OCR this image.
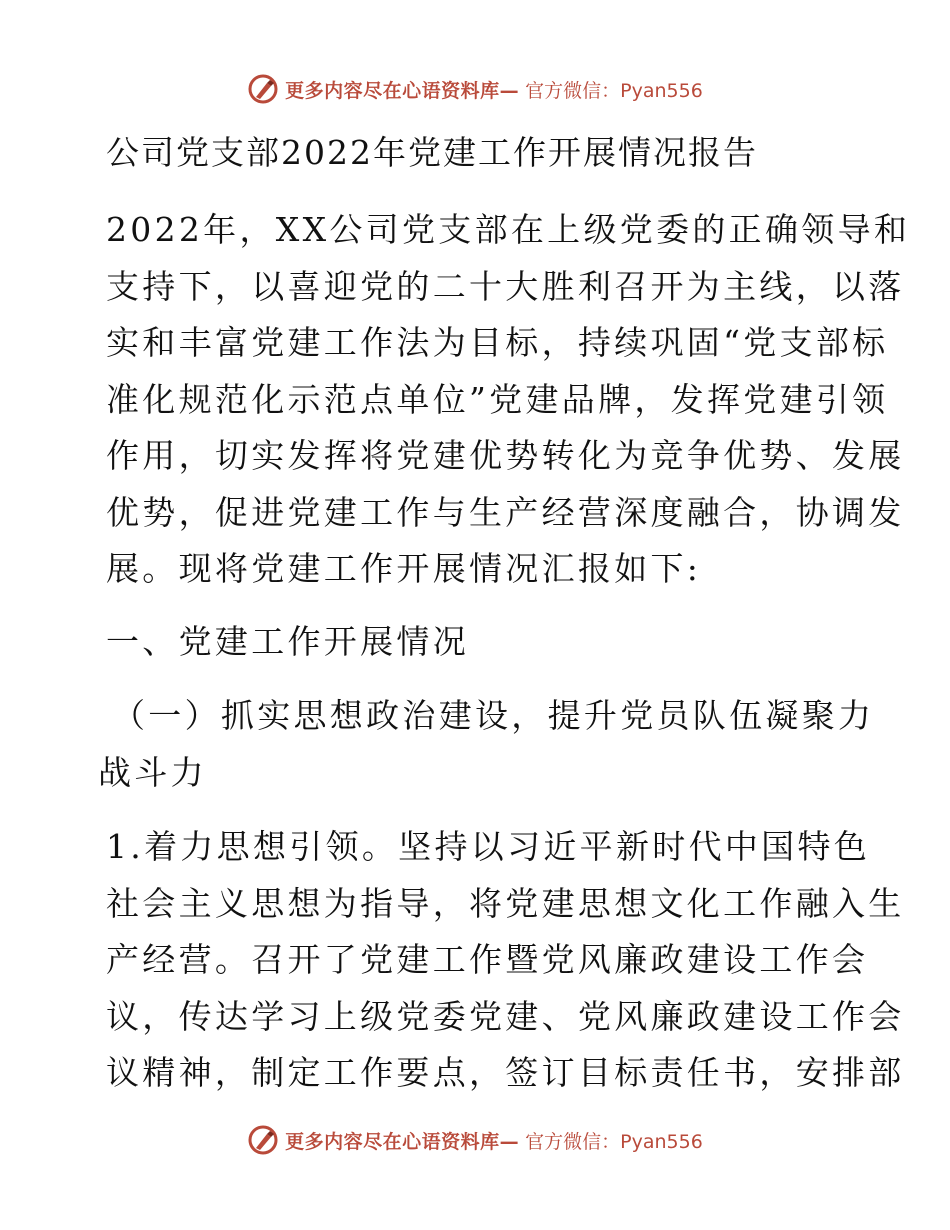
更多内容尽在心语资料库— 官方微信：Pyan556
公司党支部2022年党建工作开展情况报告
2022年，XX公司党支部在上级党委的正确领导和
支持下，以喜迎党的二十大胜利召开为主线，以落
实和丰富党建工作法为目标，持续巩固“党支部标
准化规范化示范点单位”党建品牌，发挥党建引领
作用，切实发挥将党建优势转化为竞争优势、发展
优势，促进党建工作与生产经营深度融合，协调发
展。现将党建工作开展情况汇报如下:
一、党建工作开展情况
（一）抓实思想政治建设，提升党员队伍凝聚力
战斗力
1.着力思想引领。坚持以习近平新时代中国特色
社会主义思想为指导，将党建思想文化工作融入生
产经营。召开了党建工作暨党风廉政建设工作会
议，传达学习上级党委党建、党风廉政建设工作会
议精神，制定工作要点，签订目标责任书，安排部
更多内容尽在心语资料库— 官方微信：Pyan556
